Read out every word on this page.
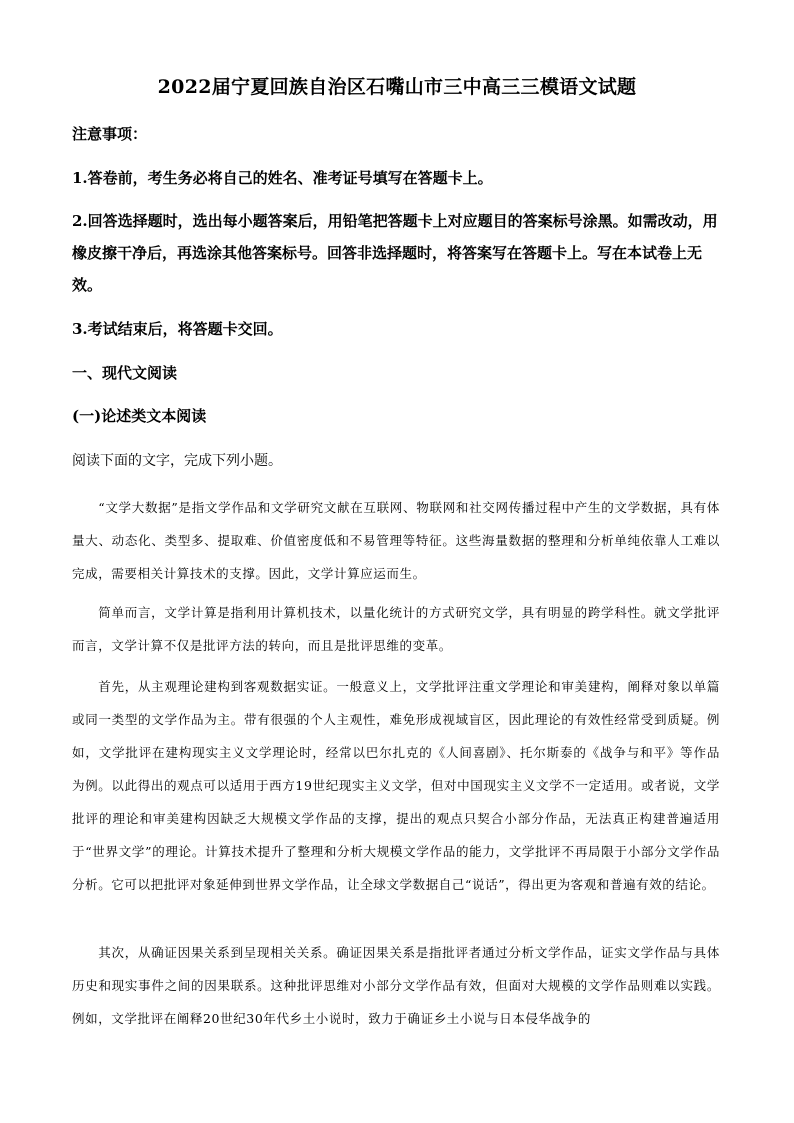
2022届宁夏回族自治区石嘴山市三中高三三模语文试题
注意事项：
1.答卷前，考生务必将自己的姓名、准考证号填写在答题卡上。
2.回答选择题时，选出每小题答案后，用铅笔把答题卡上对应题目的答案标号涂黑。如需改动，用橡皮擦干净后，再选涂其他答案标号。回答非选择题时，将答案写在答题卡上。写在本试卷上无效。
3.考试结束后，将答题卡交回。
一、现代文阅读
(一)论述类文本阅读
阅读下面的文字，完成下列小题。
“文学大数据”是指文学作品和文学研究文献在互联网、物联网和社交网传播过程中产生的文学数据，具有体量大、动态化、类型多、提取难、价值密度低和不易管理等特征。这些海量数据的整理和分析单纯依靠人工难以完成，需要相关计算技术的支撑。因此，文学计算应运而生。
简单而言，文学计算是指利用计算机技术，以量化统计的方式研究文学，具有明显的跨学科性。就文学批评而言，文学计算不仅是批评方法的转向，而且是批评思维的变革。
首先，从主观理论建构到客观数据实证。一般意义上，文学批评注重文学理论和审美建构，阐释对象以单篇或同一类型的文学作品为主。带有很强的个人主观性，难免形成视域盲区，因此理论的有效性经常受到质疑。例如，文学批评在建构现实主义文学理论时，经常以巴尔扎克的《人间喜剧》、托尔斯泰的《战争与和平》等作品为例。以此得出的观点可以适用于西方19世纪现实主义文学，但对中国现实主义文学不一定适用。或者说，文学批评的理论和审美建构因缺乏大规模文学作品的支撑，提出的观点只契合小部分作品，无法真正构建普遍适用于“世界文学”的理论。计算技术提升了整理和分析大规模文学作品的能力，文学批评不再局限于小部分文学作品分析。它可以把批评对象延伸到世界文学作品，让全球文学数据自己“说话”，得出更为客观和普遍有效的结论。
其次，从确证因果关系到呈现相关关系。确证因果关系是指批评者通过分析文学作品，证实文学作品与具体历史和现实事件之间的因果联系。这种批评思维对小部分文学作品有效，但面对大规模的文学作品则难以实践。例如，文学批评在阐释20世纪30年代乡土小说时，致力于确证乡土小说与日本侵华战争的
